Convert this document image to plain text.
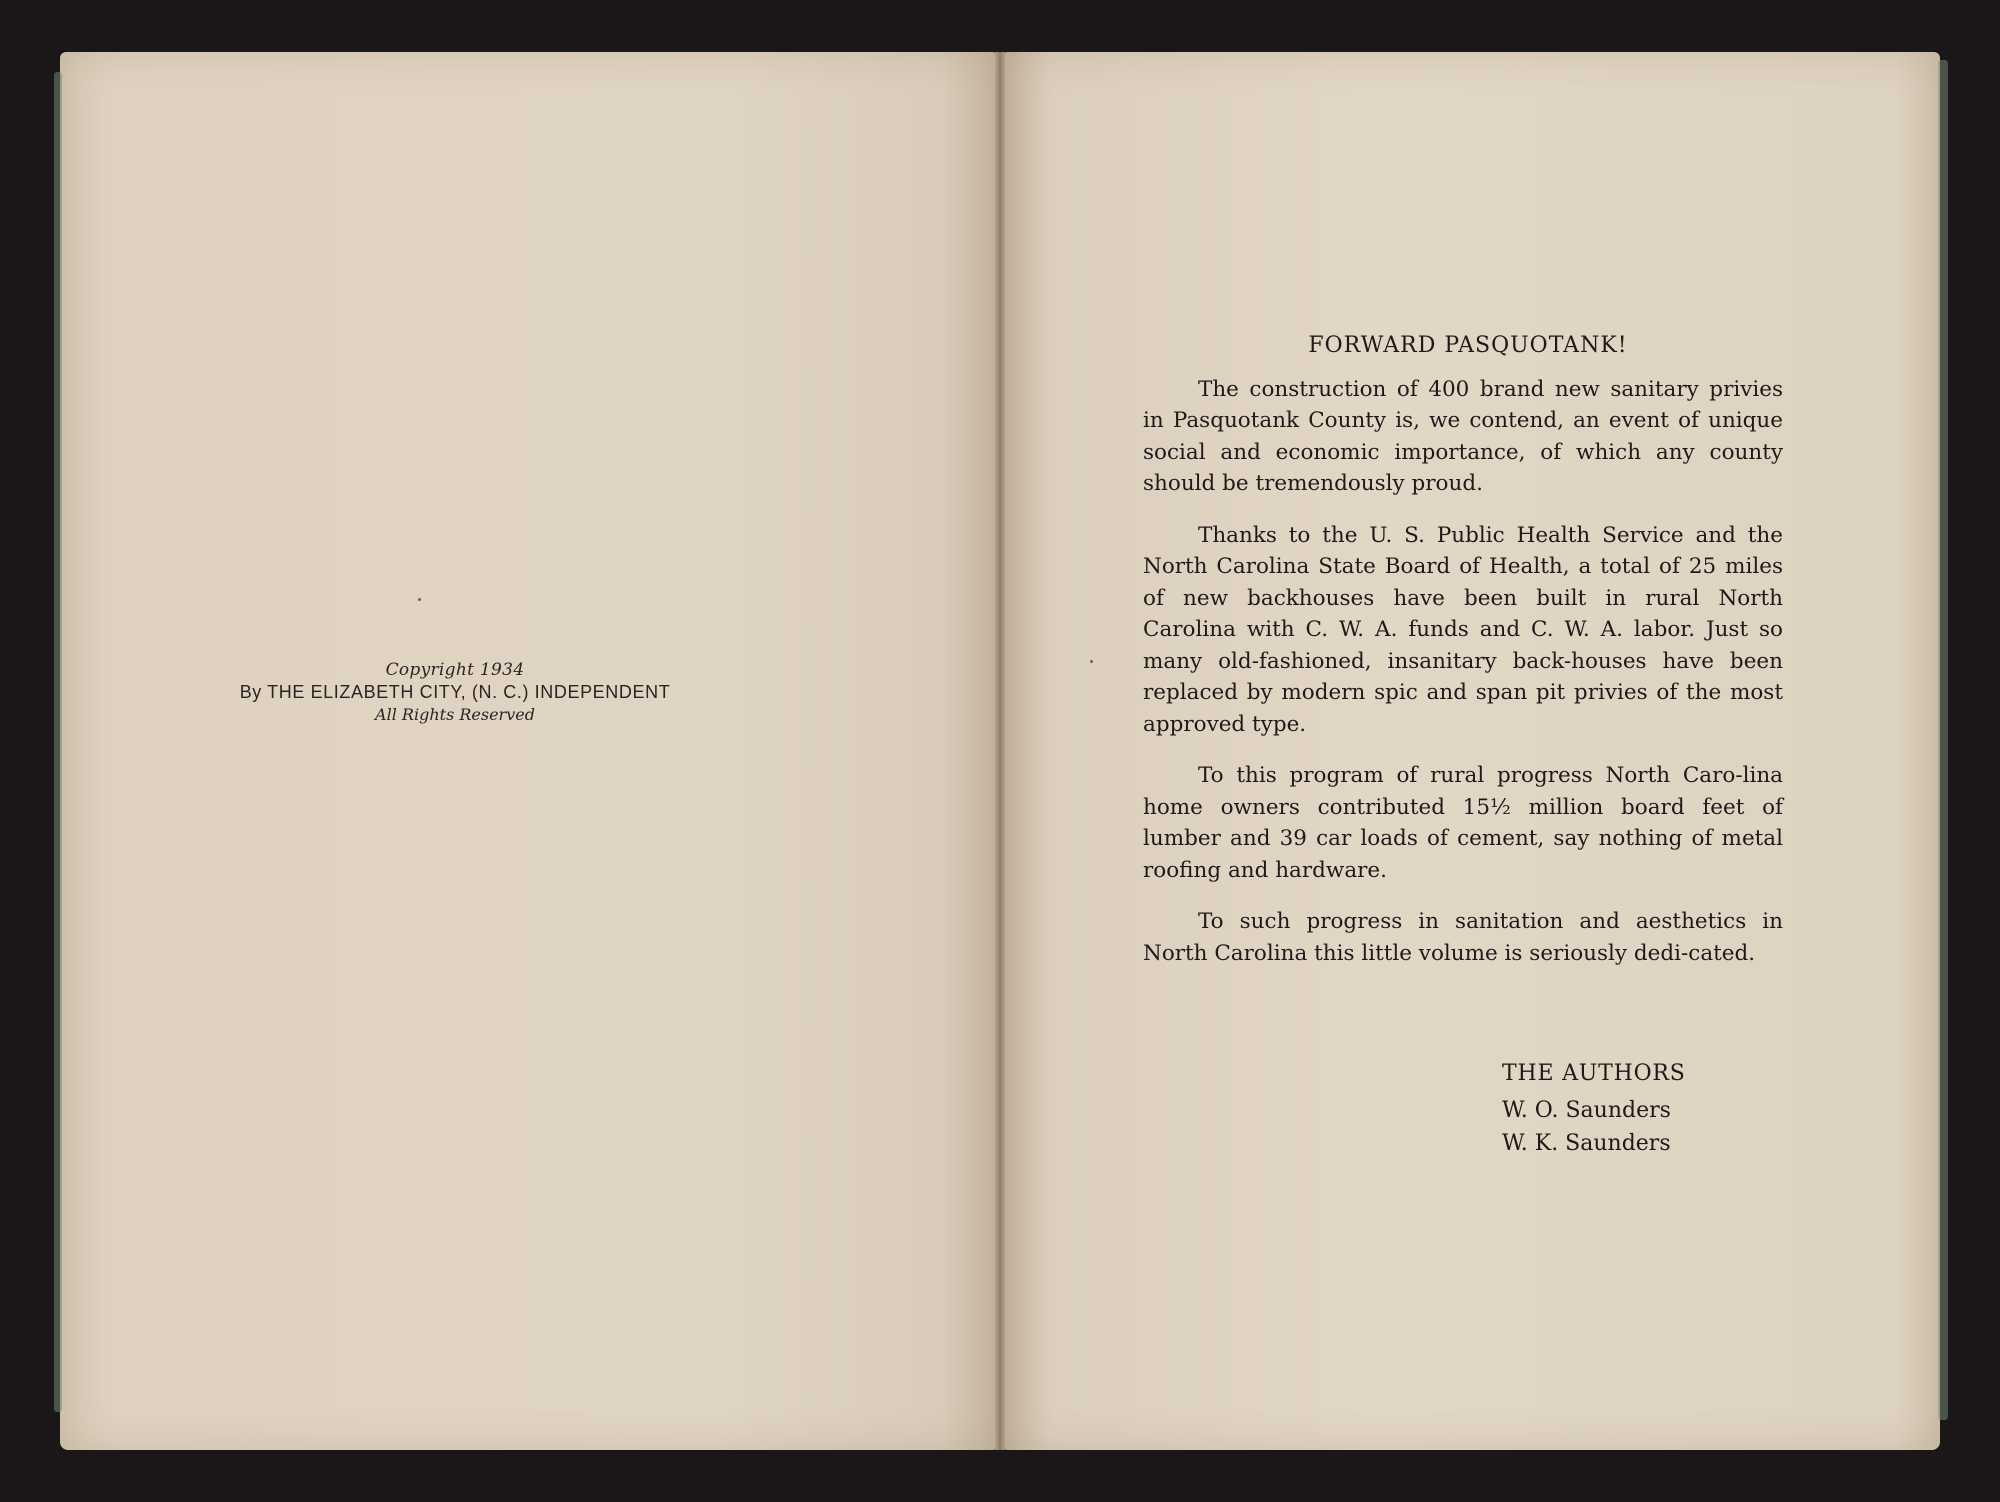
Copyright 1934
By THE ELIZABETH CITY, (N. C.) INDEPENDENT
All Rights Reserved
FORWARD PASQUOTANK!

The construction of 400 brand new sanitary privies in Pasquotank County is, we contend, an event of unique social and economic importance, of which any county should be tremendously proud.

Thanks to the U. S. Public Health Service and the North Carolina State Board of Health, a total of 25 miles of new backhouses have been built in rural North Carolina with C. W. A. funds and C. W. A. labor. Just so many old-fashioned, insanitary back-houses have been replaced by modern spic and span pit privies of the most approved type.

To this program of rural progress North Caro-lina home owners contributed 15½ million board feet of lumber and 39 car loads of cement, say nothing of metal roofing and hardware.

To such progress in sanitation and aesthetics in North Carolina this little volume is seriously dedi-cated.

THE AUTHORS
W. O. Saunders
W. K. Saunders
